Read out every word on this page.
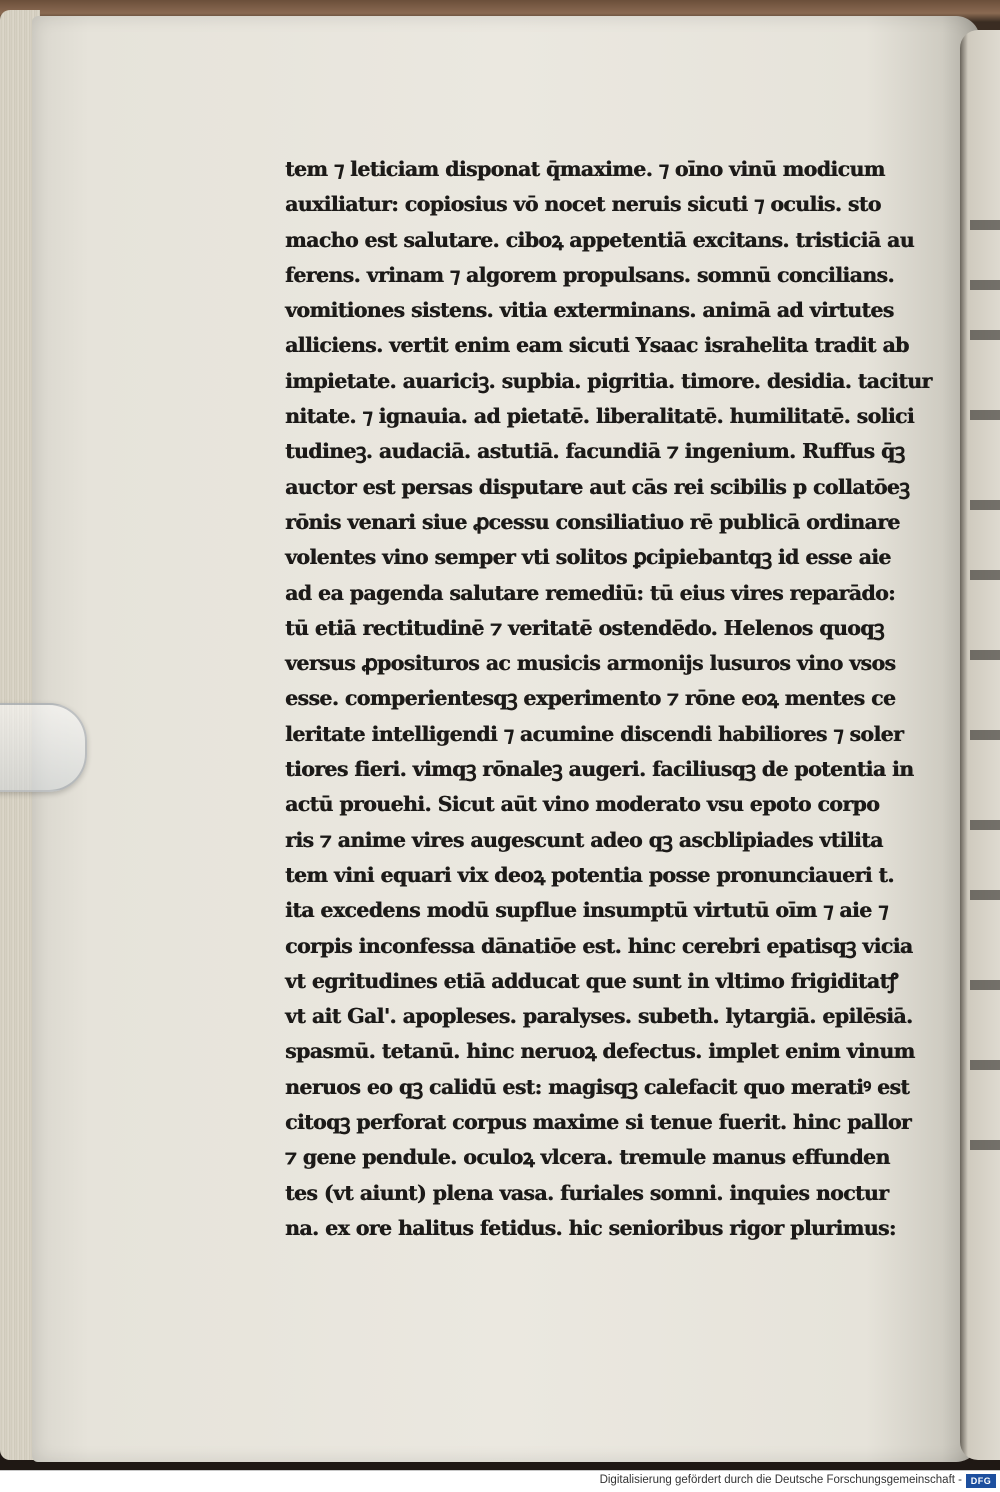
tem ⁊ leticiam disponat q̄maxime. ⁊ oīno vinū modicum
auxiliatur: copiosius vō nocet neruis sicuti ⁊ oculis. sto
macho est salutare. ciboꝝ appetentiā excitans. tristiciā au
ferens. vrinam ⁊ algorem propulsans. somnū concilians.
vomitiones sistens. vitia exterminans. animā ad virtutes
alliciens. vertit enim eam sicuti Ysaac israhelita tradit ab
impietate. auariciꝫ. supbia. pigritia. timore. desidia. tacitur
nitate. ⁊ ignauia. ad pietatē. liberalitatē. humilitatē. solici
tudineꝫ. audaciā. astutiā. facundiā ⁊ ingenium. Ruffus q̄ꝫ
auctor est persas disputare aut cās rei scibilis p collatōeꝫ
rōnis venari siue ꝓcessu consiliatiuo rē publicā ordinare
volentes vino semper vti solitos ꝑcipiebantqꝫ id esse aie
ad ea pagenda salutare remediū: tū eius vires reparādo:
tū etiā rectitudinē ⁊ veritatē ostendēdo. Helenos quoqꝫ
versus ꝓposituros ac musicis armonijs lusuros vino vsos
esse. comperientesqꝫ experimento ⁊ rōne eoꝝ mentes ce
leritate intelligendi ⁊ acumine discendi habiliores ⁊ soler
tiores fieri. vimqꝫ rōnaleꝫ augeri. faciliusqꝫ de potentia in
actū prouehi. Sicut aūt vino moderato vsu epoto corpo
ris ⁊ anime vires augescunt adeo qꝫ ascblipiades vtilita
tem vini equari vix deoꝝ potentia posse pronunciaueri t.
ita excedens modū supflue insumptū virtutū oīm ⁊ aie ⁊
corpis inconfessa dānatiōe est. hinc cerebri epatisqꝫ vicia
vt egritudines etiā adducat que sunt in vltimo frigiditatꝭ
vt ait Gal'. apopleses. paralyses. subeth. lytargiā. epilēsiā.
spasmū. tetanū. hinc neruoꝝ defectus. implet enim vinum
neruos eo qꝫ calidū est: magisqꝫ calefacit quo meratiꝰ est
citoqꝫ perforat corpus maxime si tenue fuerit. hinc pallor
⁊ gene pendule. oculoꝝ vlcera. tremule manus effunden
tes (vt aiunt) plena vasa. furiales somni. inquies noctur
na. ex ore halitus fetidus. hic senioribus rigor plurimus:
Digitalisierung gefördert durch die Deutsche Forschungsgemeinschaft - DFG
